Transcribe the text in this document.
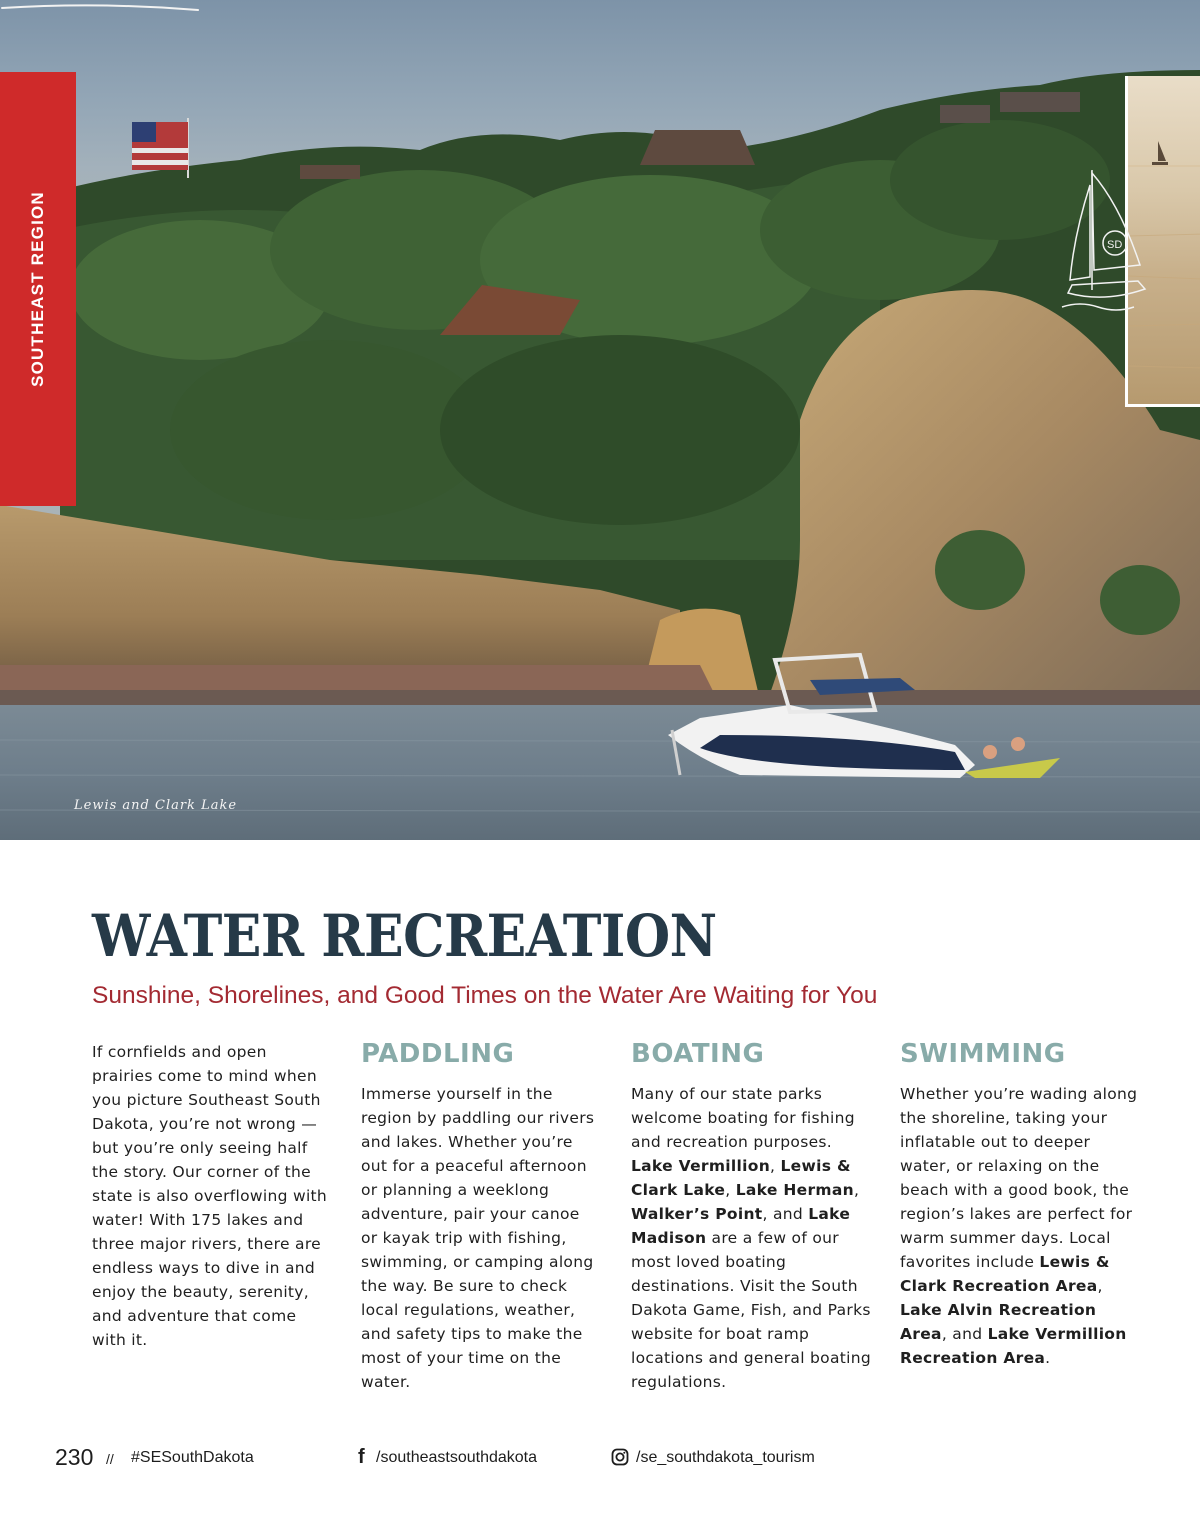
SOUTHEAST REGION	SD
Lewis and Clark Lake
WATER RECREATION
Sunshine, Shorelines, and Good Times on the Water Are Waiting for You

If cornfields and open prairies come to mind when you picture Southeast South Dakota, you’re not wrong — but you’re only seeing half the story. Our corner of the state is also overflowing with water! With 175 lakes and three major rivers, there are endless ways to dive in and enjoy the beauty, serenity, and adventure that come with it.

PADDLING

Immerse yourself in the region by paddling our rivers and lakes. Whether you’re out for a peaceful afternoon or planning a weeklong adventure, pair your canoe or kayak trip with fishing, swimming, or camping along the way. Be sure to check local regulations, weather, and safety tips to make the most of your time on the water.

BOATING

Many of our state parks welcome boating for fishing and recreation purposes. Lake Vermillion, Lewis & Clark Lake, Lake Herman, Walker’s Point, and Lake Madison are a few of our most loved boating destinations. Visit the South Dakota Game, Fish, and Parks website for boat ramp locations and general boating regulations.

SWIMMING

Whether you’re wading along the shoreline, taking your inflatable out to deeper water, or relaxing on the beach with a good book, the region’s lakes are perfect for warm summer days. Local favorites include Lewis & Clark Recreation Area, Lake Alvin Recreation Area, and Lake Vermillion Recreation Area.

230 // #SESouthDakota	f /southeastsouthdakota	/se_southdakota_tourism
